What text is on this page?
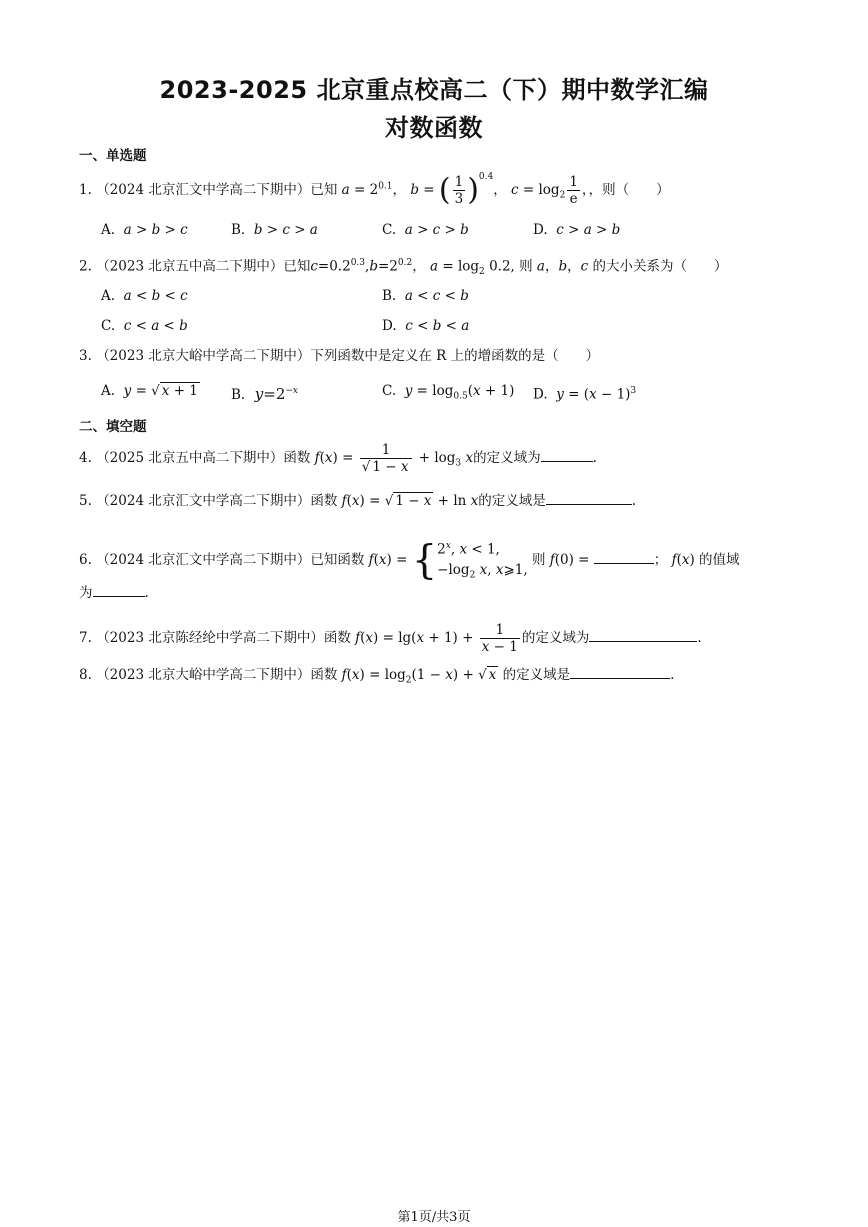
2023-2025 北京重点校高二（下）期中数学汇编
对数函数
一、单选题
1. （2024 北京汇文中学高二下期中）已知 $a = 2^{0.1}$， b = ( $\frac{1}{3} )^{0.4}$， $c = \log_2 \frac{1}{e}$ ，，则（　　）
A. a > b > c	B. b > c > a	C. a > c > b	D. c > a > b
2. （2023 北京五中高二下期中）已知$c=0.2^{0.3},b=2^{0.2}$， $a = \log_2 0.2$, 则 a，b，c 的大小关系为（　　）
A. a < b < c	B. a < c < b
C. c < a < b	D. c < b < a
3. （2023 北京大峪中学高二下期中）下列函数中是定义在 R 上的增函数的是（　　）
A. y = √ x + 1 B. $y=2^{-x}$	C. $y = \log_{0.5}(x + 1)$ D. $y = (x - 1)^3$
二、填空题
4. （2025 北京五中高二下期中）函数 $f(x) = \frac{1}{√ 1 - x} + \log_3 x$的定义域为	.
5. （2024 北京汇文中学高二下期中）函数 f(x) = √ 1 − x + ln x的定义域是	.
6. （2024 北京汇文中学高二下期中）已知函数 f(x) = { 2$^x$, x < 1,
$-\log_2$ x, x⩾1,
则 f(0) =	； f(x) 的值域
为	.
7. （2023 北京陈经纶中学高二下期中）函数 $f(x) = \lg(x + 1) + \frac{1}{x - 1}$ 的定义域为	.
8. （2023 北京大峪中学高二下期中）函数 $f(x) = \log_2(1 - x)$ + √ x 的定义域是	.
第1页/共3页
